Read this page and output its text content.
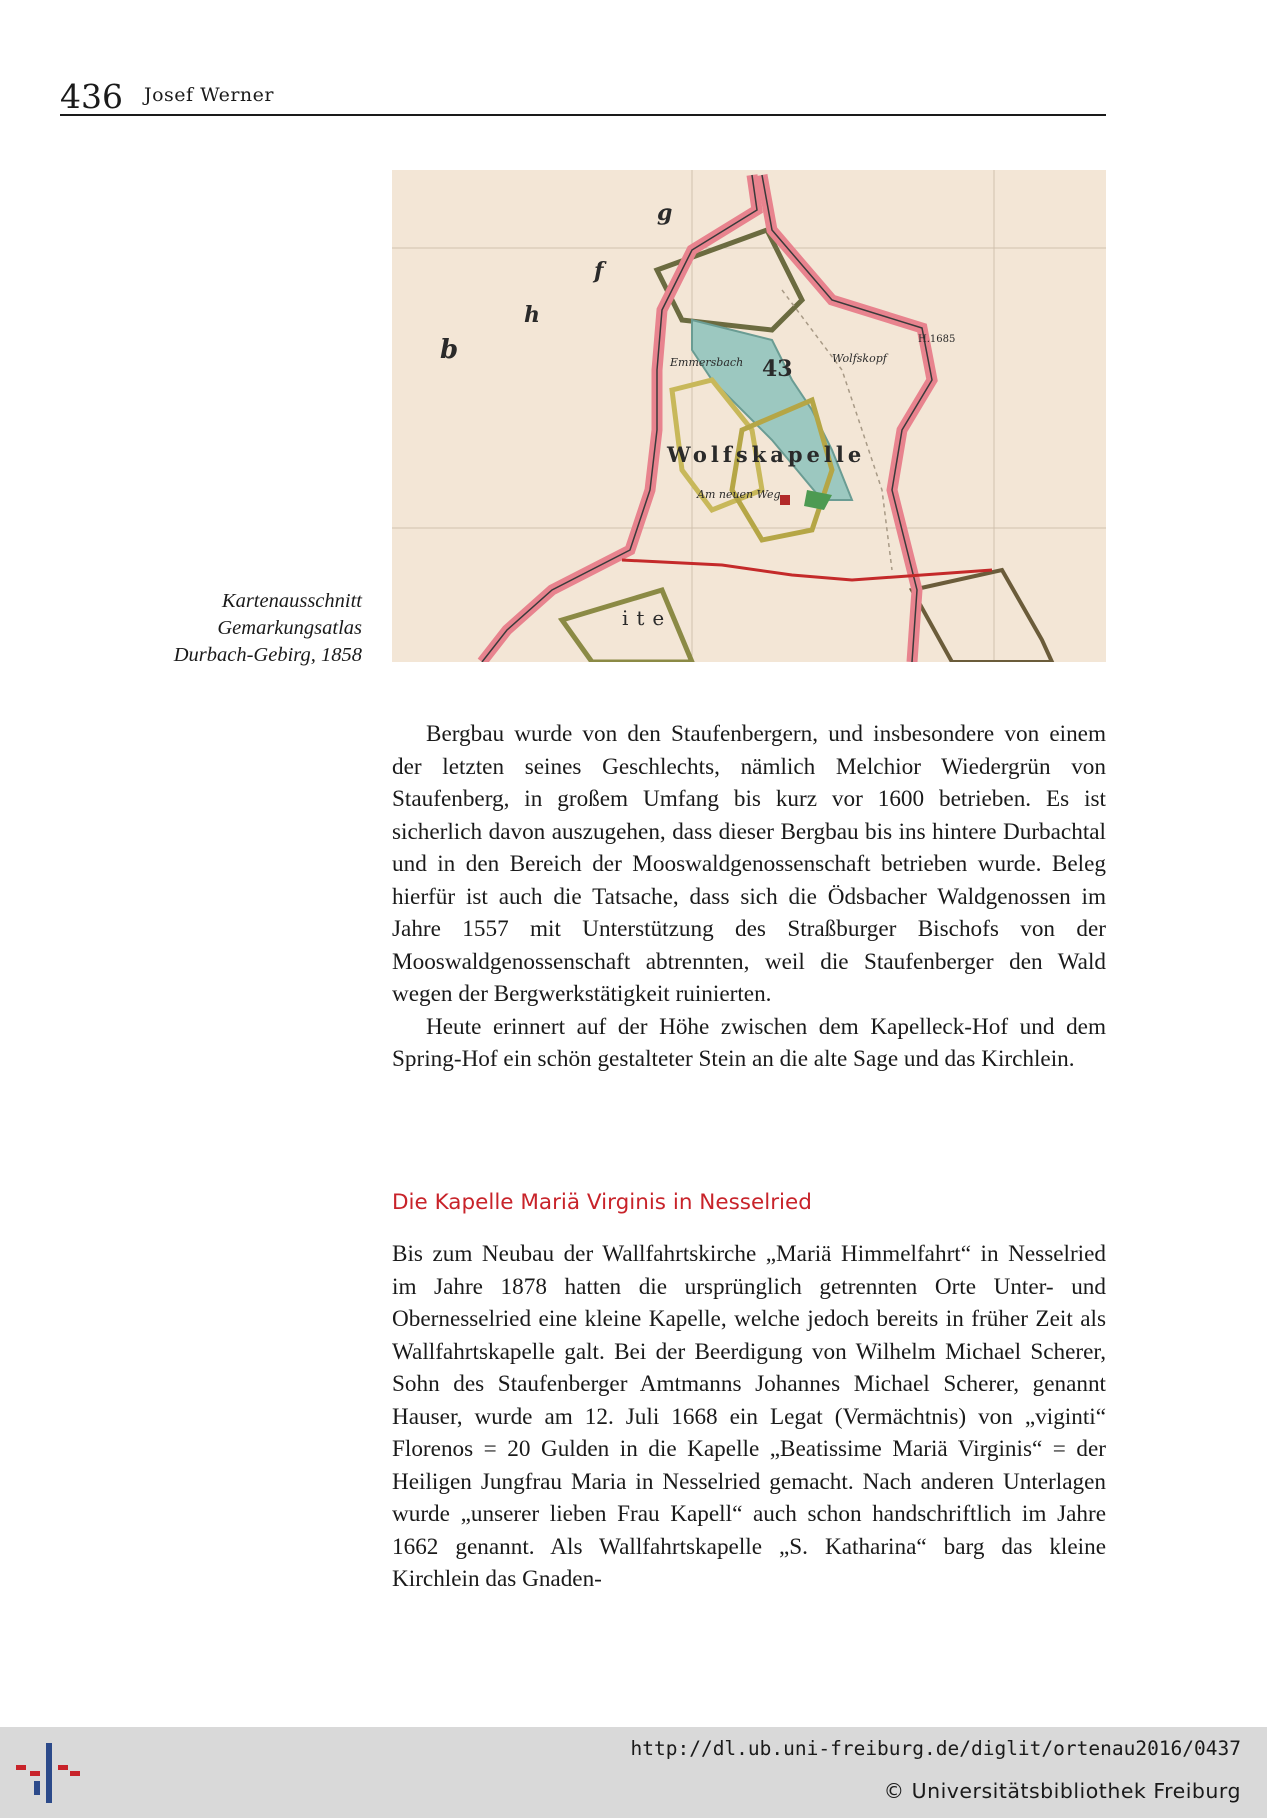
436 Josef Werner
43
Wolfskapelle
Emmersbach	Wolfskopf
Am neuen Weg
H.1685
b
h
f
g
ite
Kartenausschnitt
Gemarkungsatlas
Durbach-Gebirg, 1858

Bergbau wurde von den Staufenbergern, und insbesondere von einem der letzten seines Geschlechts, nämlich Melchior Wiedergrün von Staufenberg, in großem Umfang bis kurz vor 1600 betrieben. Es ist sicherlich davon auszugehen, dass dieser Bergbau bis ins hintere Durbachtal und in den Bereich der Mooswaldgenossenschaft betrieben wurde. Beleg hierfür ist auch die Tatsache, dass sich die Ödsbacher Waldgenossen im Jahre 1557 mit Unterstützung des Straßburger Bischofs von der Mooswaldgenossenschaft abtrennten, weil die Staufenberger den Wald wegen der Bergwerkstätigkeit ruinierten.

Heute erinnert auf der Höhe zwischen dem Kapelleck-Hof und dem Spring-Hof ein schön gestalteter Stein an die alte Sage und das Kirchlein.

Die Kapelle Mariä Virginis in Nesselried

Bis zum Neubau der Wallfahrtskirche „Mariä Himmelfahrt“ in Nesselried im Jahre 1878 hatten die ursprünglich getrennten Orte Unter- und Obernesselried eine kleine Kapelle, welche jedoch bereits in früher Zeit als Wallfahrtskapelle galt. Bei der Beerdigung von Wilhelm Michael Scherer, Sohn des Staufenberger Amtmanns Johannes Michael Scherer, genannt Hauser, wurde am 12. Juli 1668 ein Legat (Vermächtnis) von „viginti“ Florenos = 20 Gulden in die Kapelle „Beatissime Mariä Virginis“ = der Heiligen Jungfrau Maria in Nesselried gemacht. Nach anderen Unterlagen wurde „unserer lieben Frau Kapell“ auch schon handschriftlich im Jahre 1662 genannt. Als Wallfahrtskapelle „S. Katharina“ barg das kleine Kirchlein das Gnaden-

http://dl.ub.uni-freiburg.de/diglit/ortenau2016/0437
© Universitätsbibliothek Freiburg
